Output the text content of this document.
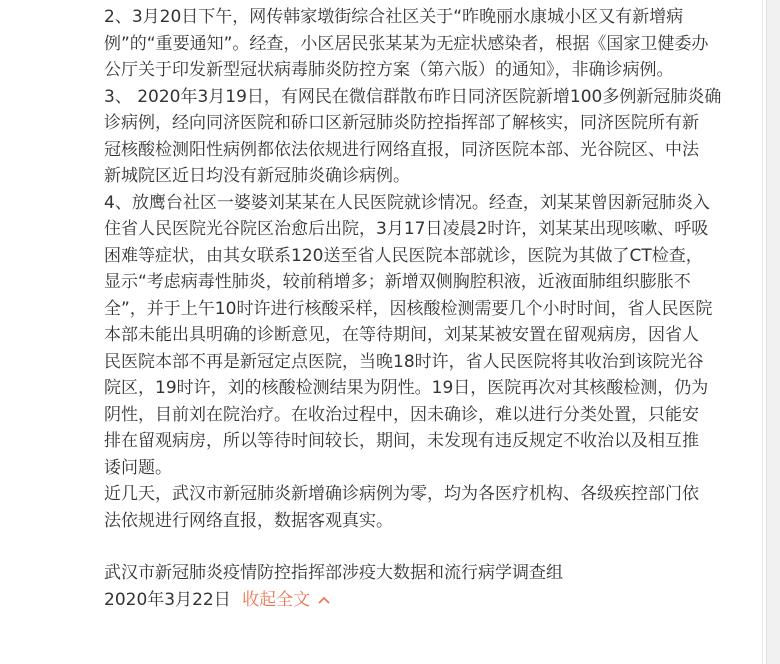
2、3月20日下午，网传韩家墩街综合社区关于“昨晚丽水康城小区又有新增病
例”的“重要通知”。经查，小区居民张某某为无症状感染者，根据《国家卫健委办
公厅关于印发新型冠状病毒肺炎防控方案（第六版）的通知》，非确诊病例。

3、 2020年3月19日，有网民在微信群散布昨日同济医院新增100多例新冠肺炎确
诊病例，经向同济医院和硚口区新冠肺炎防控指挥部了解核实，同济医院所有新
冠核酸检测阳性病例都依法依规进行网络直报，同济医院本部、光谷院区、中法
新城院区近日均没有新冠肺炎确诊病例。

4、放鹰台社区一婆婆刘某某在人民医院就诊情况。经查，刘某某曾因新冠肺炎入
住省人民医院光谷院区治愈后出院，3月17日凌晨2时许，刘某某出现咳嗽、呼吸
困难等症状，由其女联系120送至省人民医院本部就诊，医院为其做了CT检查，
显示“考虑病毒性肺炎，较前稍增多；新增双侧胸腔积液，近液面肺组织膨胀不
全”，并于上午10时许进行核酸采样，因核酸检测需要几个小时时间，省人民医院
本部未能出具明确的诊断意见，在等待期间，刘某某被安置在留观病房，因省人
民医院本部不再是新冠定点医院，当晚18时许，省人民医院将其收治到该院光谷
院区，19时许，刘的核酸检测结果为阴性。19日，医院再次对其核酸检测，仍为
阴性，目前刘在院治疗。在收治过程中，因未确诊，难以进行分类处置，只能安
排在留观病房，所以等待时间较长，期间，未发现有违反规定不收治以及相互推
诿问题。

近几天，武汉市新冠肺炎新增确诊病例为零，均为各医疗机构、各级疾控部门依
法依规进行网络直报，数据客观真实。

武汉市新冠肺炎疫情防控指挥部涉疫大数据和流行病学调查组
2020年3月22日 收起全文
